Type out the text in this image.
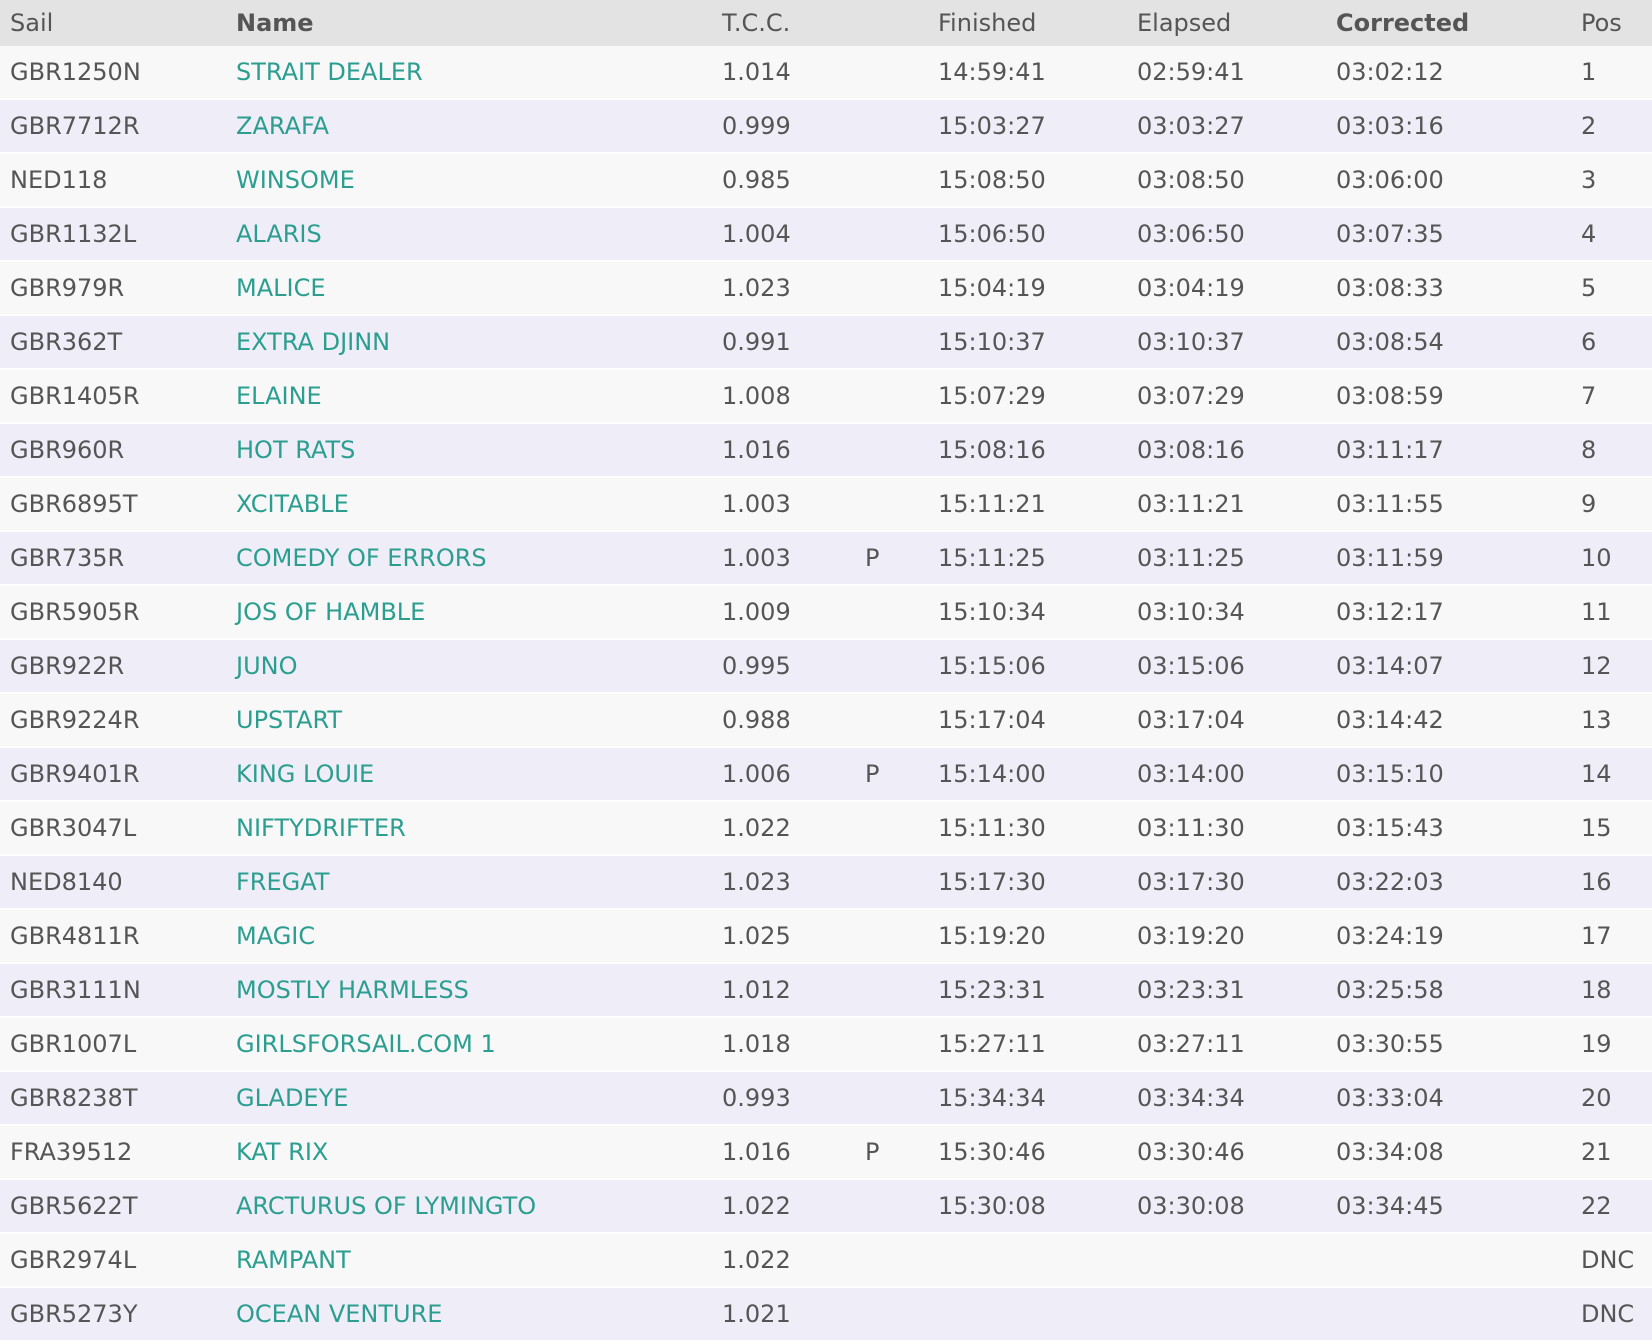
Sail	Name	T.C.C.		Finished	Elapsed	Corrected	Pos
GBR1250N	STRAIT DEALER	1.014		14:59:41	02:59:41	03:02:12	1
GBR7712R	ZARAFA	0.999		15:03:27	03:03:27	03:03:16	2
NED118	WINSOME	0.985		15:08:50	03:08:50	03:06:00	3
GBR1132L	ALARIS	1.004		15:06:50	03:06:50	03:07:35	4
GBR979R	MALICE	1.023		15:04:19	03:04:19	03:08:33	5
GBR362T	EXTRA DJINN	0.991		15:10:37	03:10:37	03:08:54	6
GBR1405R	ELAINE	1.008		15:07:29	03:07:29	03:08:59	7
GBR960R	HOT RATS	1.016		15:08:16	03:08:16	03:11:17	8
GBR6895T	XCITABLE	1.003		15:11:21	03:11:21	03:11:55	9
GBR735R	COMEDY OF ERRORS	1.003	P	15:11:25	03:11:25	03:11:59	10
GBR5905R	JOS OF HAMBLE	1.009		15:10:34	03:10:34	03:12:17	11
GBR922R	JUNO	0.995		15:15:06	03:15:06	03:14:07	12
GBR9224R	UPSTART	0.988		15:17:04	03:17:04	03:14:42	13
GBR9401R	KING LOUIE	1.006	P	15:14:00	03:14:00	03:15:10	14
GBR3047L	NIFTYDRIFTER	1.022		15:11:30	03:11:30	03:15:43	15
NED8140	FREGAT	1.023		15:17:30	03:17:30	03:22:03	16
GBR4811R	MAGIC	1.025		15:19:20	03:19:20	03:24:19	17
GBR3111N	MOSTLY HARMLESS	1.012		15:23:31	03:23:31	03:25:58	18
GBR1007L	GIRLSFORSAIL.COM 1	1.018		15:27:11	03:27:11	03:30:55	19
GBR8238T	GLADEYE	0.993		15:34:34	03:34:34	03:33:04	20
FRA39512	KAT RIX	1.016	P	15:30:46	03:30:46	03:34:08	21
GBR5622T	ARCTURUS OF LYMINGTO	1.022		15:30:08	03:30:08	03:34:45	22
GBR2974L	RAMPANT	1.022					DNC
GBR5273Y	OCEAN VENTURE	1.021					DNC
